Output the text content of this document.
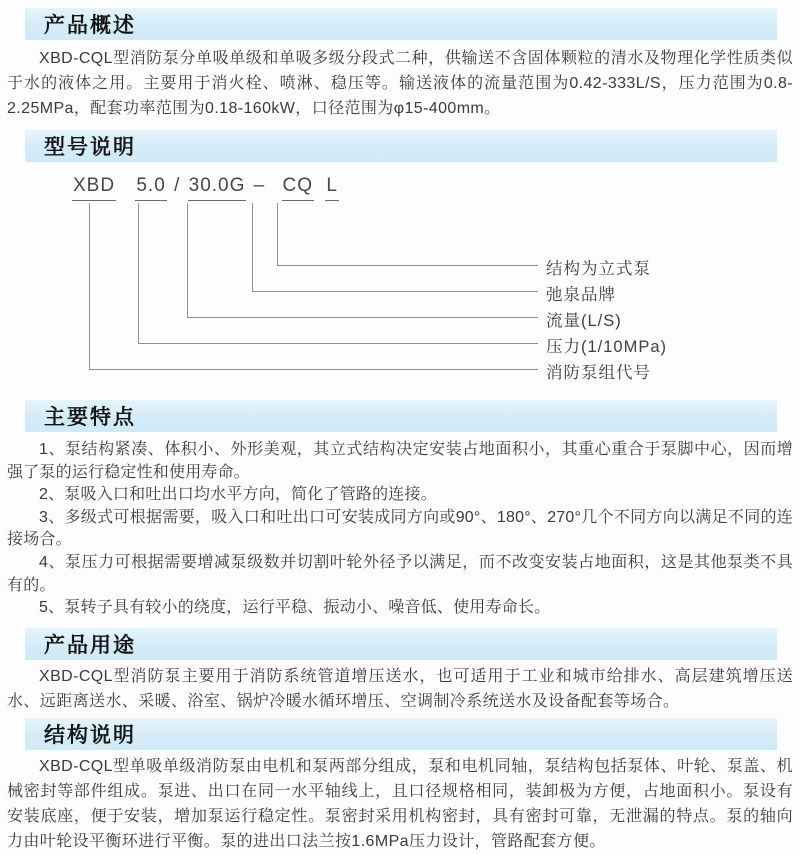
产品概述

XBD-CQL型消防泵分单吸单级和单吸多级分段式二种，供输送不含固体颗粒的清水及物理化学性质类似于水的液体之用。主要用于消火栓、喷淋、稳压等。输送液体的流量范围为0.42-333L/S，压力范围为0.8-2.25MPa，配套功率范围为0.18-160kW，口径范围为φ15-400mm。

型号说明
XBD 5.0 / 30.0G – CQ L
结构为立式泵
弛泉品牌
流量(L/S)
压力(1/10MPa)
消防泵组代号
主要特点

1、泵结构紧凑、体积小、外形美观，其立式结构决定安装占地面积小，其重心重合于泵脚中心，因而增强了泵的运行稳定性和使用寿命。

2、泵吸入口和吐出口均水平方向，简化了管路的连接。

3、多级式可根据需要，吸入口和吐出口可安装成同方向或90°、180°、270°几个不同方向以满足不同的连接场合。

4、泵压力可根据需要增减泵级数并切割叶轮外径予以满足，而不改变安装占地面积，这是其他泵类不具有的。

5、泵转子具有较小的绕度，运行平稳、振动小、噪音低、使用寿命长。

产品用途

XBD-CQL型消防泵主要用于消防系统管道增压送水，也可适用于工业和城市给排水、高层建筑增压送水、远距离送水、采暖、浴室、锅炉冷暖水循环增压、空调制冷系统送水及设备配套等场合。

结构说明

XBD-CQL型单吸单级消防泵由电机和泵两部分组成，泵和电机同轴，泵结构包括泵体、叶轮、泵盖、机械密封等部件组成。泵进、出口在同一水平轴线上，且口径规格相同，装卸极为方便，占地面积小。泵设有安装底座，便于安装，增加泵运行稳定性。泵密封采用机构密封，具有密封可靠，无泄漏的特点。泵的轴向力由叶轮设平衡环进行平衡。泵的进出口法兰按1.6MPa压力设计，管路配套方便。
